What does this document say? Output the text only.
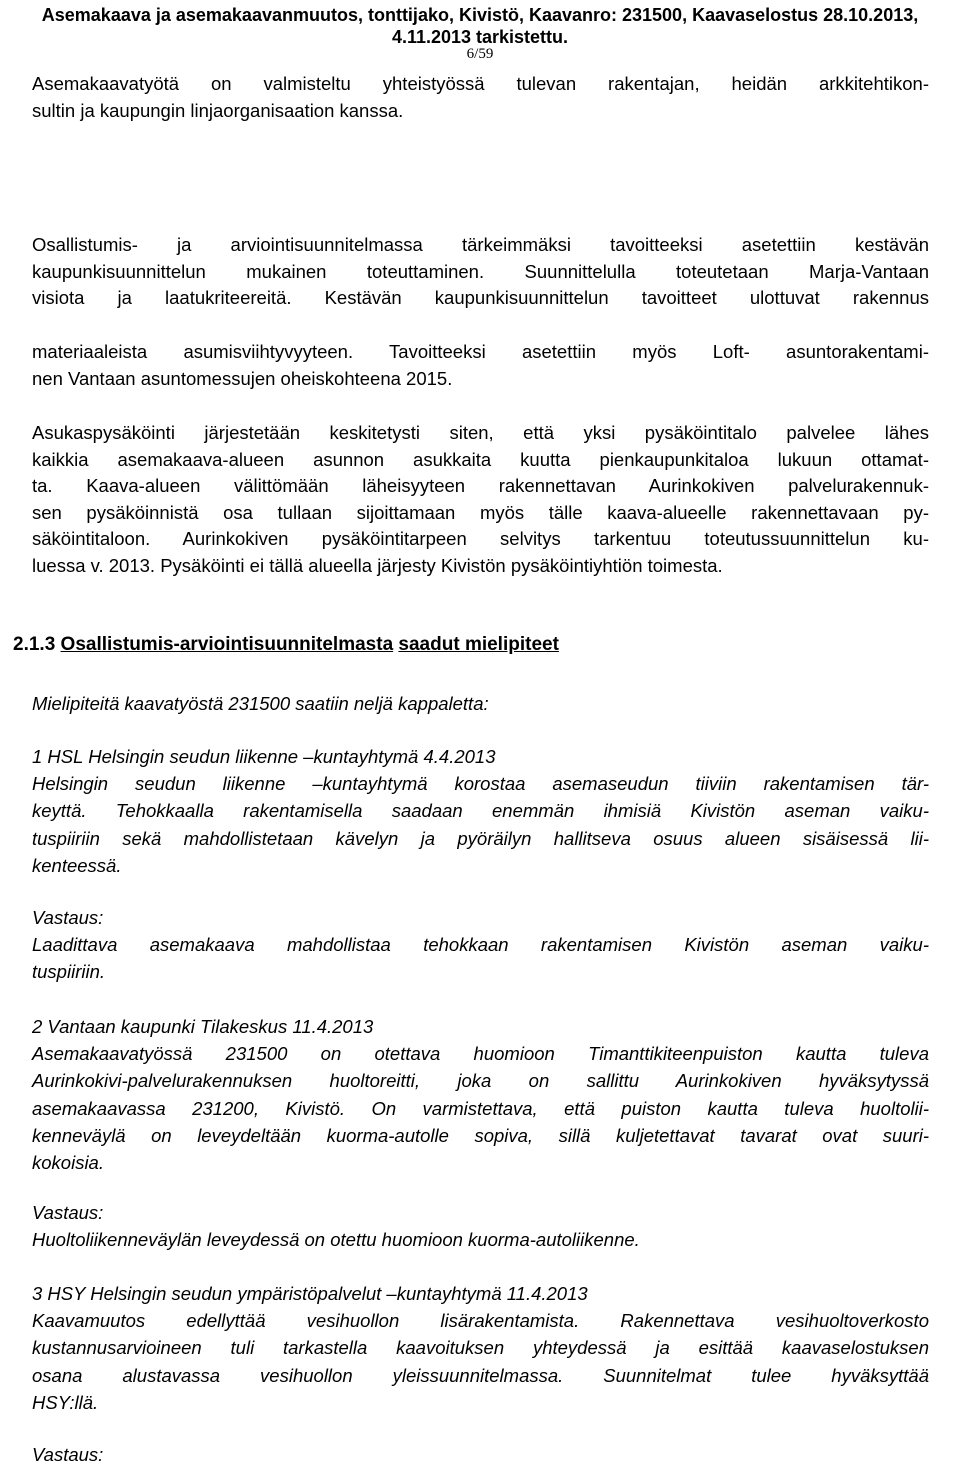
Asemakaava ja asemakaavanmuutos, tonttijako, Kivistö, Kaavanro: 231500, Kaavaselostus 28.10.2013,
4.11.2013 tarkistettu.
6/59
Asemakaavatyötä on valmisteltu yhteistyössä tulevan rakentajan, heidän arkkitehtikon-
sultin ja kaupungin linjaorganisaation kanssa.
Osallistumis- ja arviointisuunnitelmassa tärkeimmäksi tavoitteeksi asetettiin kestävän
kaupunkisuunnittelun mukainen toteuttaminen. Suunnittelulla toteutetaan Marja-Vantaan
visiota ja laatukriteereitä. Kestävän kaupunkisuunnittelun tavoitteet ulottuvat rakennus
materiaaleista asumisviihtyvyyteen. Tavoitteeksi asetettiin myös Loft- asuntorakentami-
nen Vantaan asuntomessujen oheiskohteena 2015.
Asukaspysäköinti järjestetään keskitetysti siten, että yksi pysäköintitalo palvelee lähes
kaikkia asemakaava-alueen asunnon asukkaita kuutta pienkaupunkitaloa lukuun ottamat-
ta. Kaava-alueen välittömään läheisyyteen rakennettavan Aurinkokiven palvelurakennuk-
sen pysäköinnistä osa tullaan sijoittamaan myös tälle kaava-alueelle rakennettavaan py-
säköintitaloon. Aurinkokiven pysäköintitarpeen selvitys tarkentuu toteutussuunnittelun ku-
luessa v. 2013. Pysäköinti ei tällä alueella järjesty Kivistön pysäköintiyhtiön toimesta.
2.1.3 Osallistumis-arviointisuunnitelmasta saadut mielipiteet
Mielipiteitä kaavatyöstä 231500 saatiin neljä kappaletta:
1 HSL Helsingin seudun liikenne –kuntayhtymä 4.4.2013
Helsingin seudun liikenne –kuntayhtymä korostaa asemaseudun tiiviin rakentamisen tär-
keyttä. Tehokkaalla rakentamisella saadaan enemmän ihmisiä Kivistön aseman vaiku-
tuspiiriin sekä mahdollistetaan kävelyn ja pyöräilyn hallitseva osuus alueen sisäisessä lii-
kenteessä.
Vastaus:
Laadittava asemakaava mahdollistaa tehokkaan rakentamisen Kivistön aseman vaiku-
tuspiiriin.
2 Vantaan kaupunki Tilakeskus 11.4.2013
Asemakaavatyössä 231500 on otettava huomioon Timanttikiteenpuiston kautta tuleva
Aurinkokivi-palvelurakennuksen huoltoreitti, joka on sallittu Aurinkokiven hyväksytyssä
asemakaavassa 231200, Kivistö. On varmistettava, että puiston kautta tuleva huoltolii-
kenneväylä on leveydeltään kuorma-autolle sopiva, sillä kuljetettavat tavarat ovat suuri-
kokoisia.
Vastaus:
Huoltoliikenneväylän leveydessä on otettu huomioon kuorma-autoliikenne.
3 HSY Helsingin seudun ympäristöpalvelut –kuntayhtymä 11.4.2013
Kaavamuutos edellyttää vesihuollon lisärakentamista. Rakennettava vesihuoltoverkosto
kustannusarvioineen tuli tarkastella kaavoituksen yhteydessä ja esittää kaavaselostuksen
osana alustavassa vesihuollon yleissuunnitelmassa. Suunnitelmat tulee hyväksyttää
HSY:llä.
Vastaus:
